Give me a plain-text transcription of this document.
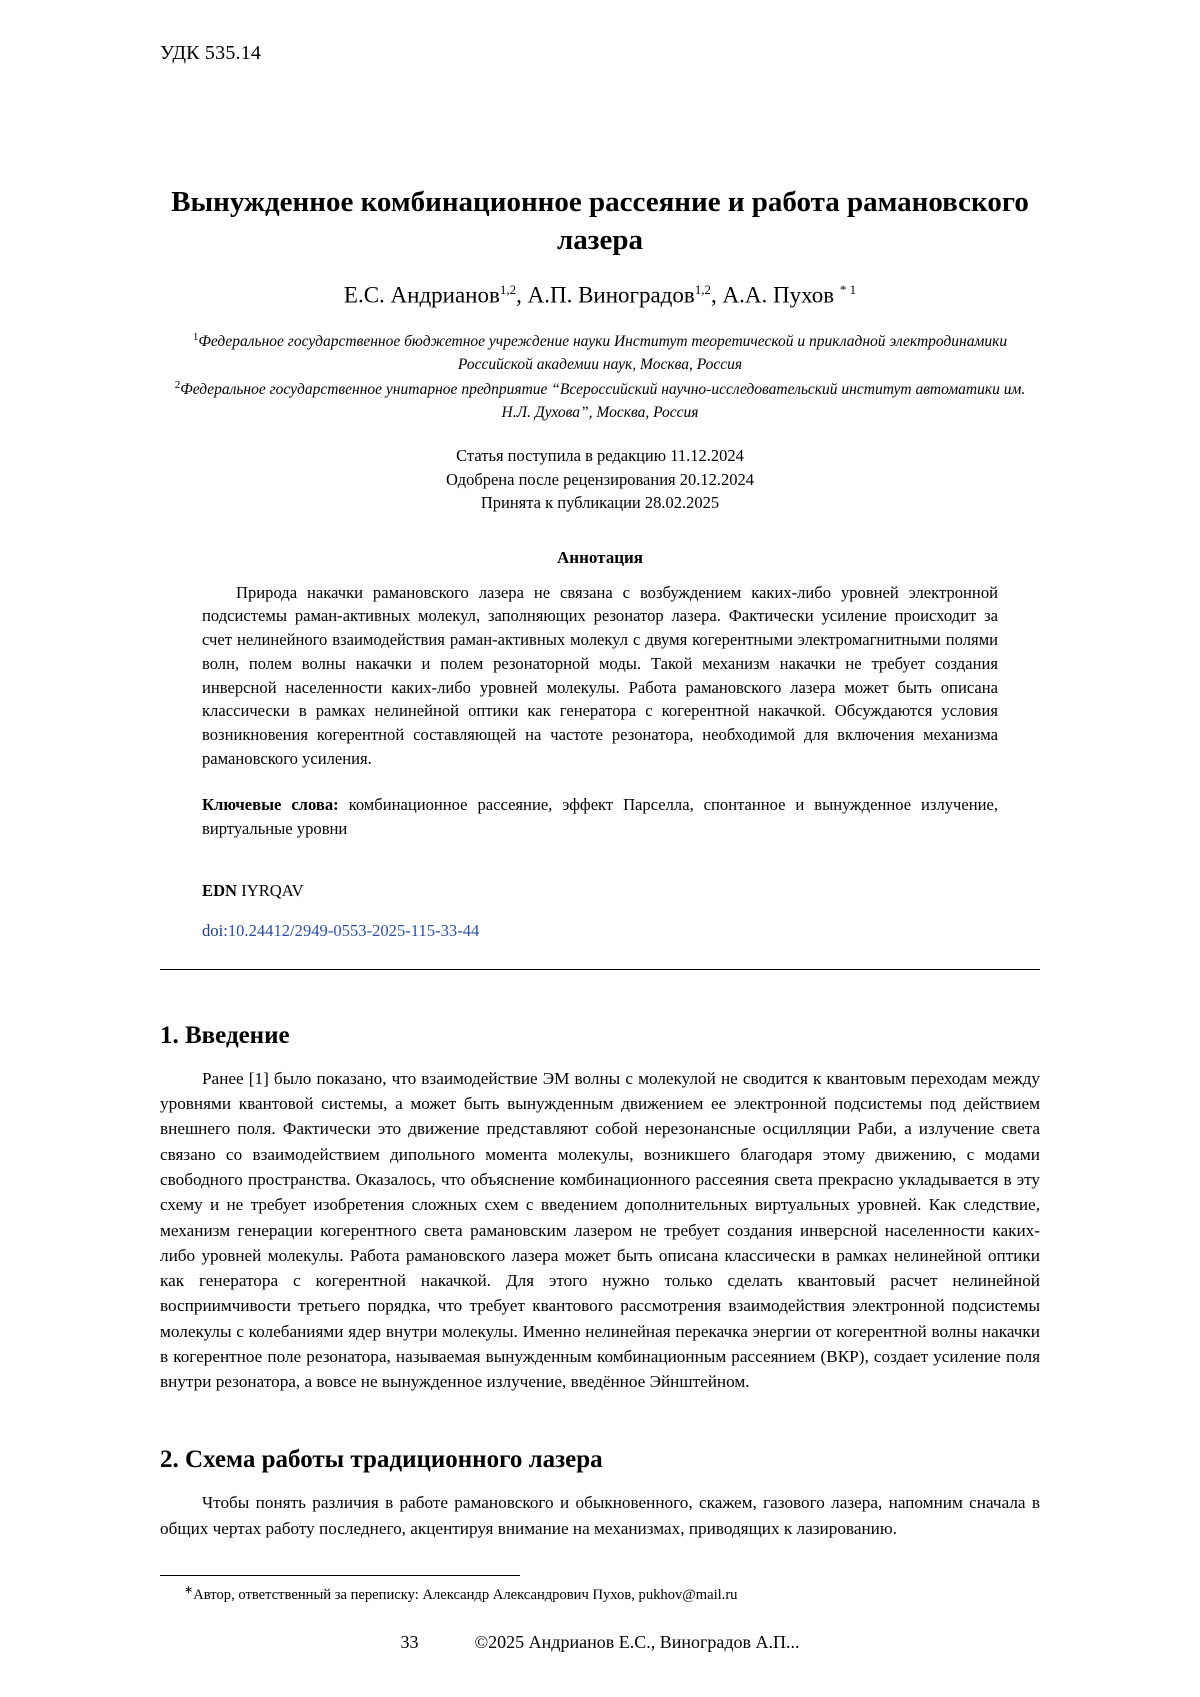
УДК 535.14
Вынужденное комбинационное рассеяние и работа рамановского лазера
Е.С. Андрианов$^{1,2}$, А.П. Виноградов$^{1,2}$, А.А. Пухов $^{* 1}$
$^1$Федеральное государственное бюджетное учреждение науки Институт теоретической и прикладной электродинамики Российской академии наук, Москва, Россия
$^2$Федеральное государственное унитарное предприятие “Всероссийский научно-исследовательский институт автоматики им. Н.Л. Духова”, Москва, Россия
Статья поступила в редакцию 11.12.2024
Одобрена после рецензирования 20.12.2024
Принята к публикации 28.02.2025
Аннотация
Природа накачки рамановского лазера не связана с возбуждением каких-либо уровней электронной подсистемы раман-активных молекул, заполняющих резонатор лазера. Фактически усиление происходит за счет нелинейного взаимодействия раман-активных молекул с двумя когерентными электромагнитными полями волн, полем волны накачки и полем резонаторной моды. Такой механизм накачки не требует создания инверсной населенности каких-либо уровней молекулы. Работа рамановского лазера может быть описана классически в рамках нелинейной оптики как генератора с когерентной накачкой. Обсуждаются условия возникновения когерентной составляющей на частоте резонатора, необходимой для включения механизма рамановского усиления.
Ключевые слова: комбинационное рассеяние, эффект Парселла, спонтанное и вынужденное излучение, виртуальные уровни
EDN IYRQAV
doi:10.24412/2949-0553-2025-115-33-44
1. Введение

Ранее [1] было показано, что взаимодействие ЭМ волны с молекулой не сводится к квантовым переходам между уровнями квантовой системы, а может быть вынужденным движением ее электронной подсистемы под действием внешнего поля. Фактически это движение представляют собой нерезонансные осцилляции Раби, а излучение света связано со взаимодействием дипольного момента молекулы, возникшего благодаря этому движению, с модами свободного пространства. Оказалось, что объяснение комбинационного рассеяния света прекрасно укладывается в эту схему и не требует изобретения сложных схем с введением дополнительных виртуальных уровней. Как следствие, механизм генерации когерентного света рамановским лазером не требует создания инверсной населенности каких-либо уровней молекулы. Работа рамановского лазера может быть описана классически в рамках нелинейной оптики как генератора с когерентной накачкой. Для этого нужно только сделать квантовый расчет нелинейной восприимчивости третьего порядка, что требует квантового рассмотрения взаимодействия электронной подсистемы молекулы с колебаниями ядер внутри молекулы. Именно нелинейная перекачка энергии от когерентной волны накачки в когерентное поле резонатора, называемая вынужденным комбинационным рассеянием (ВКР), создает усиление поля внутри резонатора, а вовсе не вынужденное излучение, введённое Эйнштейном.

2. Схема работы традиционного лазера

Чтобы понять различия в работе рамановского и обыкновенного, скажем, газового лазера, напомним сначала в общих чертах работу последнего, акцентируя внимание на механизмах, приводящих к лазированию.

∗Автор, ответственный за переписку: Александр Александрович Пухов, pukhov@mail.ru
33	©2025 Андрианов Е.С., Виноградов А.П...
